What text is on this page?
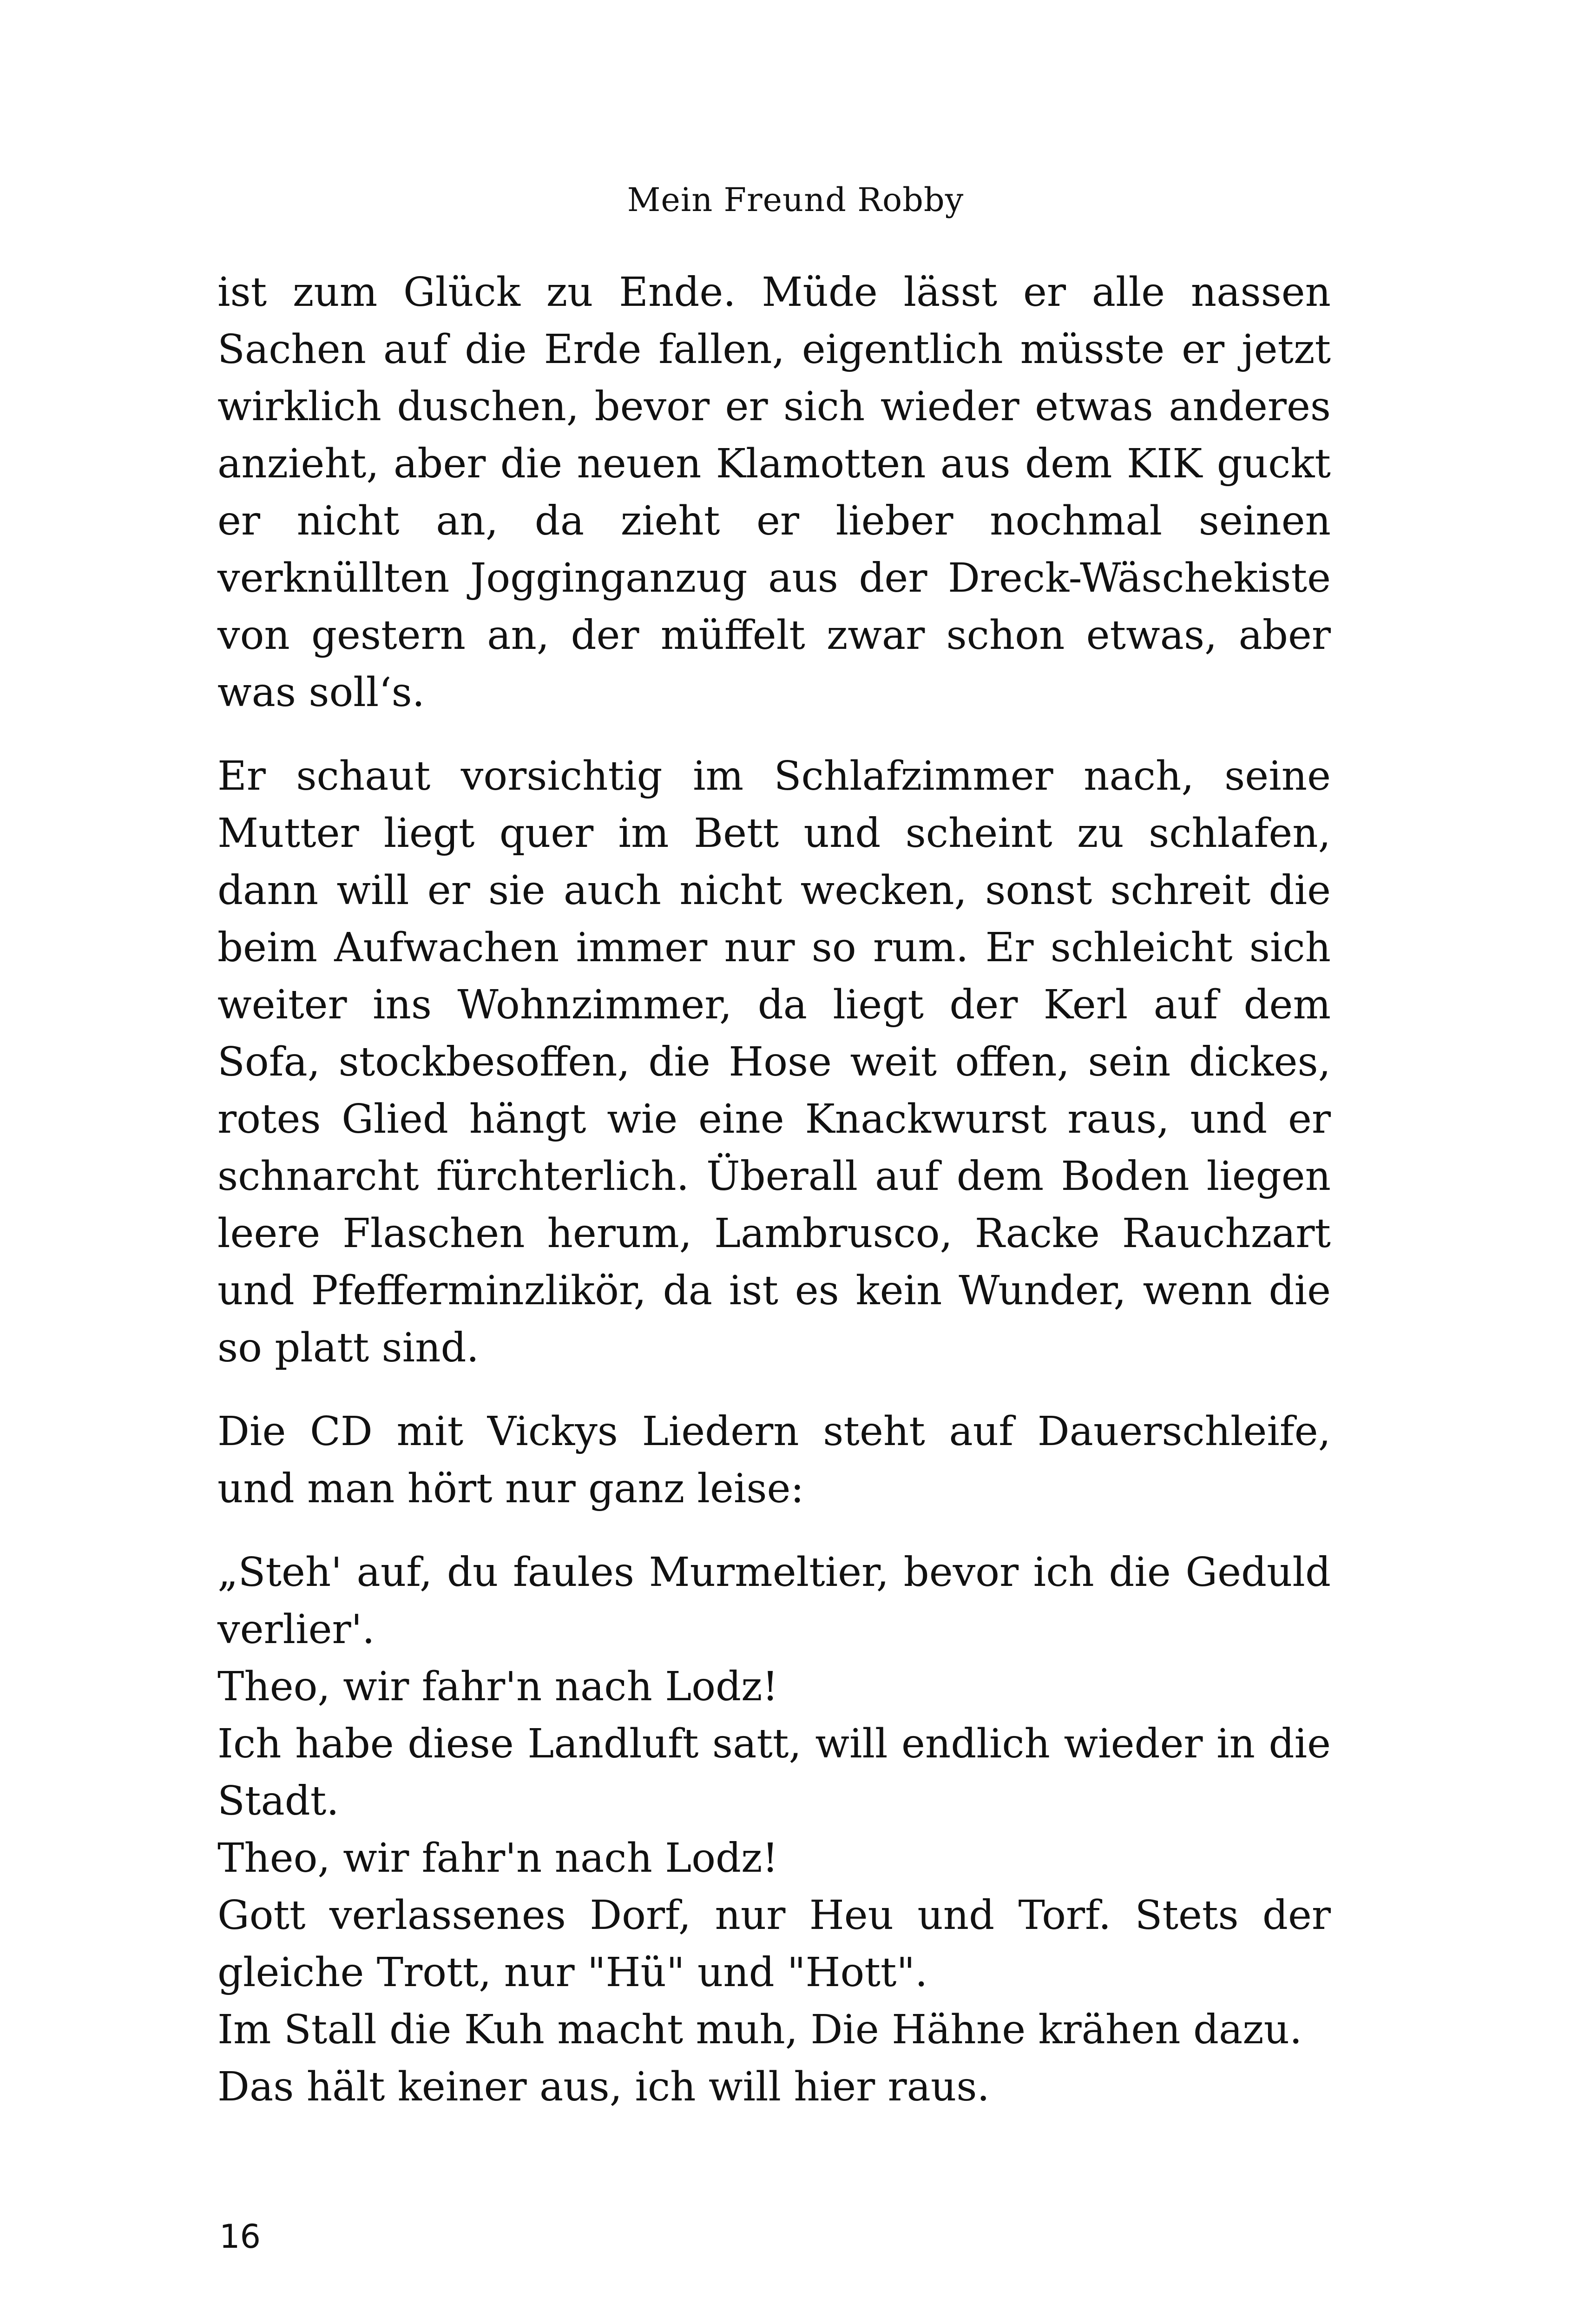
Mein Freund Robby

ist zum Glück zu Ende. Müde lässt er alle nassen Sachen auf die Erde fallen, eigentlich müsste er jetzt wirklich duschen, bevor er sich wieder etwas anderes anzieht, aber die neuen Klamotten aus dem KIK guckt er nicht an, da zieht er lieber nochmal seinen verknüllten Jogginganzug aus der Dreck-Wäschekiste von gestern an, der müffelt zwar schon etwas, aber was soll‘s.

Er schaut vorsichtig im Schlafzimmer nach, seine Mutter liegt quer im Bett und scheint zu schlafen, dann will er sie auch nicht wecken, sonst schreit die beim Aufwachen immer nur so rum. Er schleicht sich weiter ins Wohnzimmer, da liegt der Kerl auf dem Sofa, stockbesoffen, die Hose weit offen, sein dickes, rotes Glied hängt wie eine Knackwurst raus, und er schnarcht fürchterlich. Überall auf dem Boden liegen leere Flaschen herum, Lambrusco, Racke Rauchzart und Pfefferminzlikör, da ist es kein Wunder, wenn die so platt sind.

Die CD mit Vickys Liedern steht auf Dauerschleife, und man hört nur ganz leise:

„Steh' auf, du faules Murmeltier, bevor ich die Geduld verlier'.

Theo, wir fahr'n nach Lodz!

Ich habe diese Landluft satt, will endlich wieder in die Stadt.

Theo, wir fahr'n nach Lodz!

Gott verlassenes Dorf, nur Heu und Torf. Stets der gleiche Trott, nur "Hü" und "Hott".

Im Stall die Kuh macht muh, Die Hähne krähen dazu.

Das hält keiner aus, ich will hier raus.

16
